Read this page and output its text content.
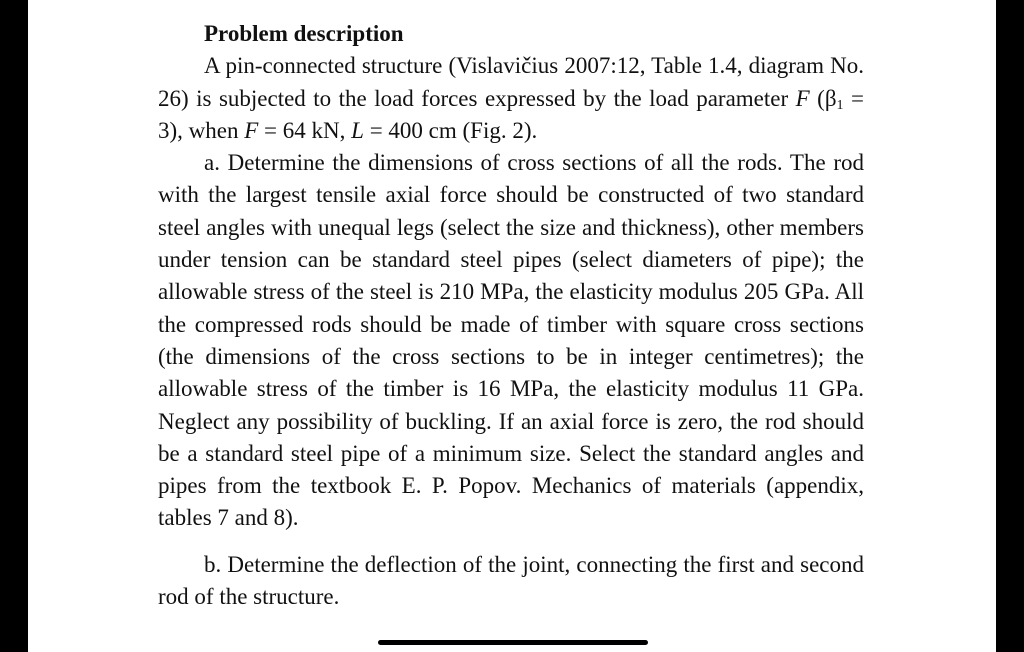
Problem description

A pin-connected structure (Vislavičius 2007:12, Table 1.4, diagram No. 26) is subjected to the load forces expressed by the load parameter F $(\beta_1 = 3)$, when F = 64 kN, L = 400 cm (Fig. 2).

a. Determine the dimensions of cross sections of all the rods. The rod with the largest tensile axial force should be constructed of two standard steel angles with unequal legs (select the size and thickness), other members under tension can be standard steel pipes (select diameters of pipe); the allowable stress of the steel is 210 MPa, the elasticity modulus 205 GPa. All the compressed rods should be made of timber with square cross sections (the dimensions of the cross sections to be in integer centimetres); the allowable stress of the timber is 16 MPa, the elasticity modulus 11 GPa. Neglect any possibility of buckling. If an axial force is zero, the rod should be a standard steel pipe of a minimum size. Select the standard angles and pipes from the textbook E. P. Popov. Mechanics of materials (appendix, tables 7 and 8).

b. Determine the deflection of the joint, connecting the first and second rod of the structure.
